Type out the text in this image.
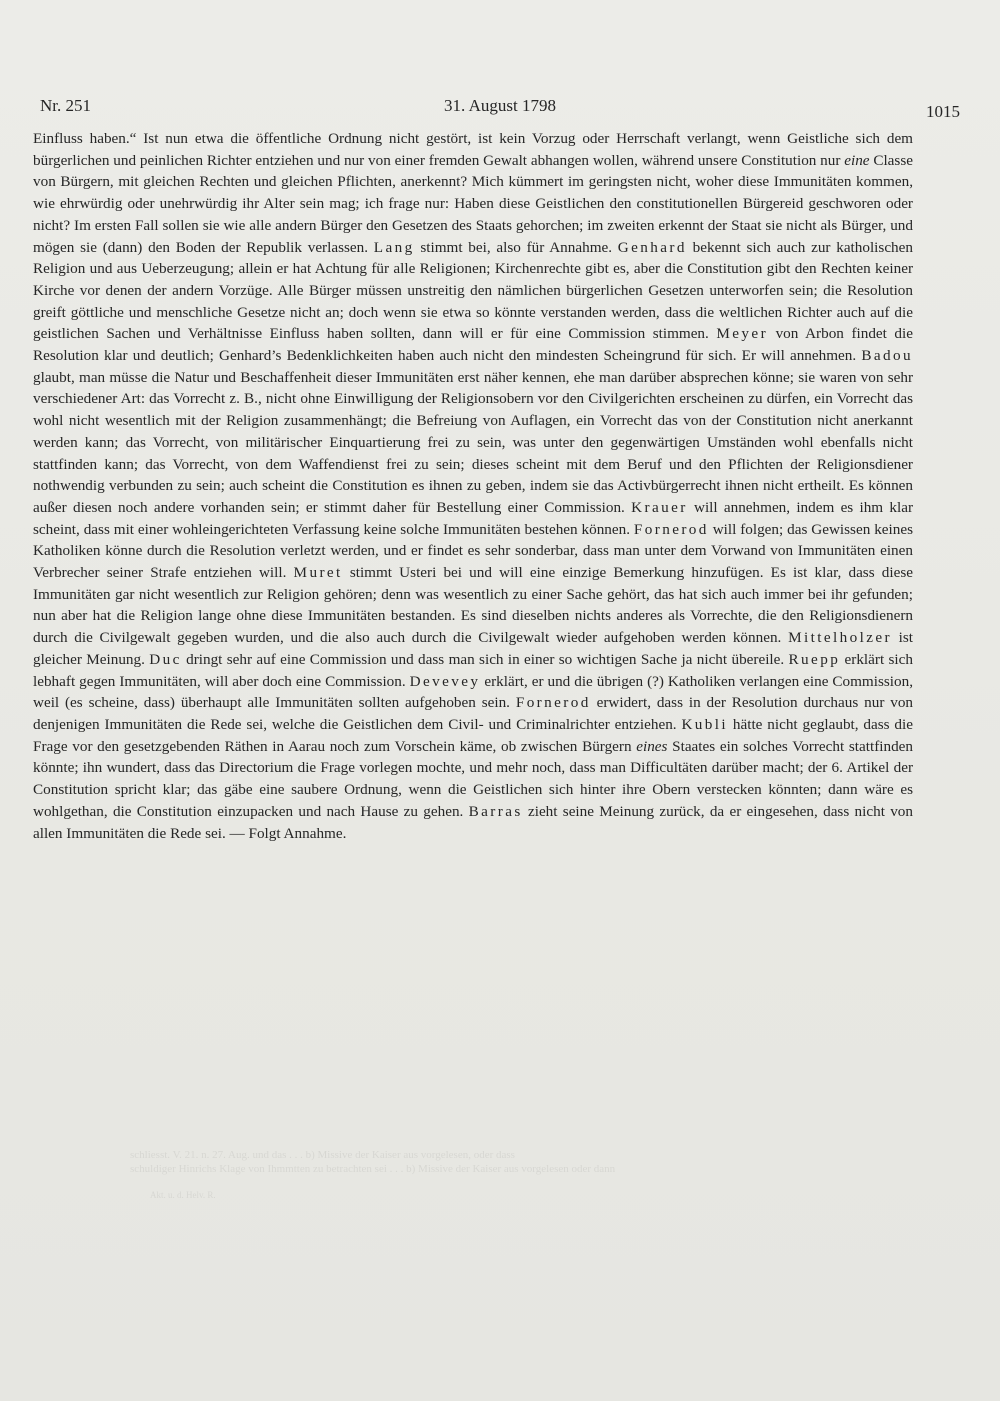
Nr. 251	31. August 1798	1015

Einfluss haben.“ Ist nun etwa die öffentliche Ordnung nicht gestört, ist kein Vorzug oder Herrschaft verlangt, wenn Geistliche sich dem bürgerlichen und peinlichen Richter entziehen und nur von einer fremden Gewalt abhangen wollen, während unsere Constitution nur eine Classe von Bürgern, mit gleichen Rechten und gleichen Pflichten, anerkennt? Mich kümmert im geringsten nicht, woher diese Immunitäten kommen, wie ehrwürdig oder unehrwürdig ihr Alter sein mag; ich frage nur: Haben diese Geistlichen den constitutionellen Bürgereid geschworen oder nicht? Im ersten Fall sollen sie wie alle andern Bürger den Gesetzen des Staats gehorchen; im zweiten erkennt der Staat sie nicht als Bürger, und mögen sie (dann) den Boden der Republik verlassen. Lang stimmt bei, also für Annahme. Genhard bekennt sich auch zur katholischen Religion und aus Ueberzeugung; allein er hat Achtung für alle Religionen; Kirchenrechte gibt es, aber die Constitution gibt den Rechten keiner Kirche vor denen der andern Vorzüge. Alle Bürger müssen unstreitig den nämlichen bürgerlichen Gesetzen unterworfen sein; die Resolution greift göttliche und menschliche Gesetze nicht an; doch wenn sie etwa so könnte verstanden werden, dass die weltlichen Richter auch auf die geistlichen Sachen und Verhältnisse Einfluss haben sollten, dann will er für eine Commission stimmen. Meyer von Arbon findet die Resolution klar und deutlich; Genhard’s Bedenklichkeiten haben auch nicht den mindesten Scheingrund für sich. Er will annehmen. Badou glaubt, man müsse die Natur und Beschaffenheit dieser Immunitäten erst näher kennen, ehe man darüber absprechen könne; sie waren von sehr verschiedener Art: das Vorrecht z. B., nicht ohne Einwilligung der Religionsobern vor den Civilgerichten erscheinen zu dürfen, ein Vorrecht das wohl nicht wesentlich mit der Religion zusammenhängt; die Befreiung von Auflagen, ein Vorrecht das von der Constitution nicht anerkannt werden kann; das Vorrecht, von militärischer Einquartierung frei zu sein, was unter den gegenwärtigen Umständen wohl ebenfalls nicht stattfinden kann; das Vorrecht, von dem Waffendienst frei zu sein; dieses scheint mit dem Beruf und den Pflichten der Religionsdiener nothwendig verbunden zu sein; auch scheint die Constitution es ihnen zu geben, indem sie das Activbürgerrecht ihnen nicht ertheilt. Es können außer diesen noch andere vorhanden sein; er stimmt daher für Bestellung einer Commission. Krauer will annehmen, indem es ihm klar scheint, dass mit einer wohleingerichteten Verfassung keine solche Immunitäten bestehen können. Fornerod will folgen; das Gewissen keines Katholiken könne durch die Resolution verletzt werden, und er findet es sehr sonderbar, dass man unter dem Vorwand von Immunitäten einen Verbrecher seiner Strafe entziehen will. Muret stimmt Usteri bei und will eine einzige Bemerkung hinzufügen. Es ist klar, dass diese Immunitäten gar nicht wesentlich zur Religion gehören; denn was wesentlich zu einer Sache gehört, das hat sich auch immer bei ihr gefunden; nun aber hat die Religion lange ohne diese Immunitäten bestanden. Es sind dieselben nichts anderes als Vorrechte, die den Religionsdienern durch die Civilgewalt gegeben wurden, und die also auch durch die Civilgewalt wieder aufgehoben werden können. Mittelholzer ist gleicher Meinung. Duc dringt sehr auf eine Commission und dass man sich in einer so wichtigen Sache ja nicht übereile. Ruepp erklärt sich lebhaft gegen Immunitäten, will aber doch eine Commission. Devevey erklärt, er und die übrigen (?) Katholiken verlangen eine Commission, weil (es scheine, dass) überhaupt alle Immunitäten sollten aufgehoben sein. Fornerod erwidert, dass in der Resolution durchaus nur von denjenigen Immunitäten die Rede sei, welche die Geistlichen dem Civil- und Criminalrichter entziehen. Kubli hätte nicht geglaubt, dass die Frage vor den gesetzgebenden Räthen in Aarau noch zum Vorschein käme, ob zwischen Bürgern eines Staates ein solches Vorrecht stattfinden könnte; ihn wundert, dass das Directorium die Frage vorlegen mochte, und mehr noch, dass man Difficultäten darüber macht; der 6. Artikel der Constitution spricht klar; das gäbe eine saubere Ordnung, wenn die Geistlichen sich hinter ihre Obern verstecken könnten; dann wäre es wohlgethan, die Constitution einzupacken und nach Hause zu gehen. Barras zieht seine Meinung zurück, da er eingesehen, dass nicht von allen Immunitäten die Rede sei. — Folgt Annahme.

schliesst. V. 21. n. 27. Aug. und das . . . b) Missive der Kaiser aus vorgelesen, oder dass
schuldiger Hinrichs Klage von Ihmmtten zu betrachten sei . . . b) Missive der Kaiser aus vorgelesen oder dann
Akt. u. d. Helv. R.
